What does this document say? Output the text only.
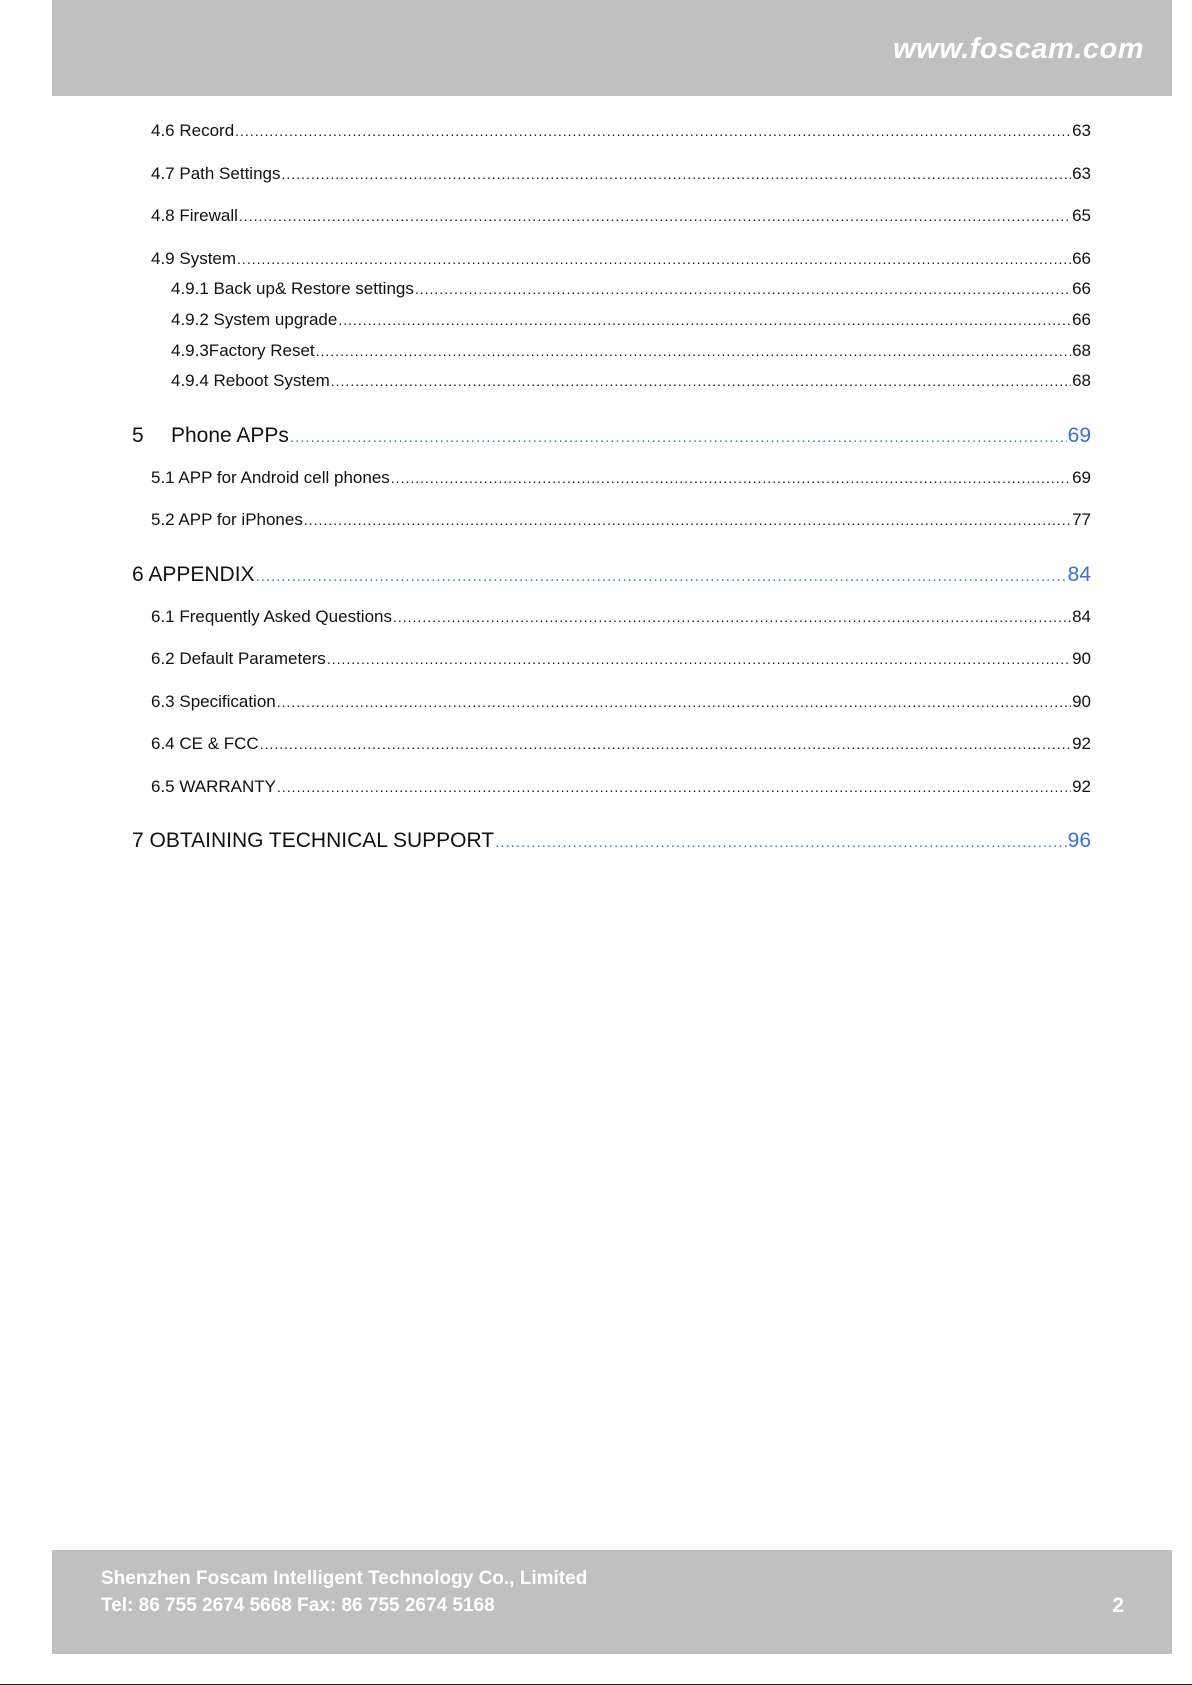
www.foscam.com
4.6 Record .....	63
4.7 Path Settings .....	63
4.8 Firewall .....	65
4.9 System .....	66
4.9.1 Back up& Restore settings .....	66
4.9.2 System upgrade .....	66
4.9.3Factory Reset .....	68
4.9.4 Reboot System .....	68
5 Phone APPs .....	69
5.1 APP for Android cell phones .....	69
5.2 APP for iPhones .....	77
6 APPENDIX .....	84
6.1 Frequently Asked Questions .....	84
6.2 Default Parameters .....	90
6.3 Specification .....	90
6.4 CE & FCC .....	92
6.5 WARRANTY .....	92
7 OBTAINING TECHNICAL SUPPORT .....	96
Shenzhen Foscam Intelligent Technology Co., Limited
Tel: 86 755 2674 5668 Fax: 86 755 2674 5168	2
